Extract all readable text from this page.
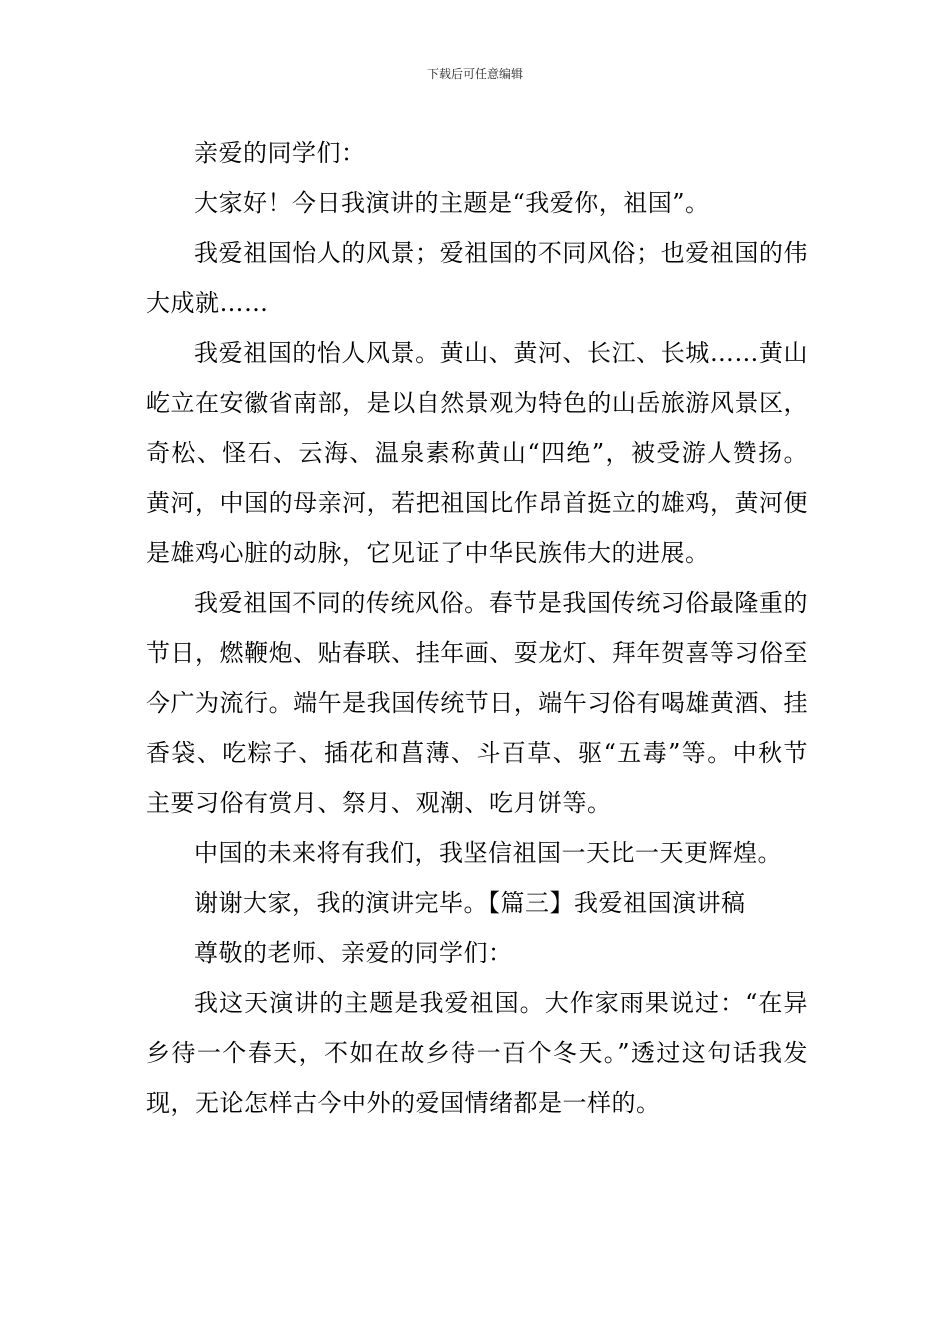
下载后可任意编辑

亲爱的同学们：

大家好！今日我演讲的主题是“我爱你，祖国”。

我爱祖国怡人的风景；爱祖国的不同风俗；也爱祖国的伟大成就……

我爱祖国的怡人风景。黄山、黄河、长江、长城……黄山屹立在安徽省南部，是以自然景观为特色的山岳旅游风景区，奇松、怪石、云海、温泉素称黄山“四绝”，被受游人赞扬。黄河，中国的母亲河，若把祖国比作昂首挺立的雄鸡，黄河便是雄鸡心脏的动脉，它见证了中华民族伟大的进展。

我爱祖国不同的传统风俗。春节是我国传统习俗最隆重的节日，燃鞭炮、贴春联、挂年画、耍龙灯、拜年贺喜等习俗至今广为流行。端午是我国传统节日，端午习俗有喝雄黄酒、挂香袋、吃粽子、插花和菖薄、斗百草、驱“五毒”等。中秋节主要习俗有赏月、祭月、观潮、吃月饼等。

中国的未来将有我们，我坚信祖国一天比一天更辉煌。

谢谢大家，我的演讲完毕。【篇三】我爱祖国演讲稿

尊敬的老师、亲爱的同学们：

我这天演讲的主题是我爱祖国。大作家雨果说过：“在异乡待一个春天，不如在故乡待一百个冬天。”透过这句话我发现，无论怎样古今中外的爱国情绪都是一样的。
